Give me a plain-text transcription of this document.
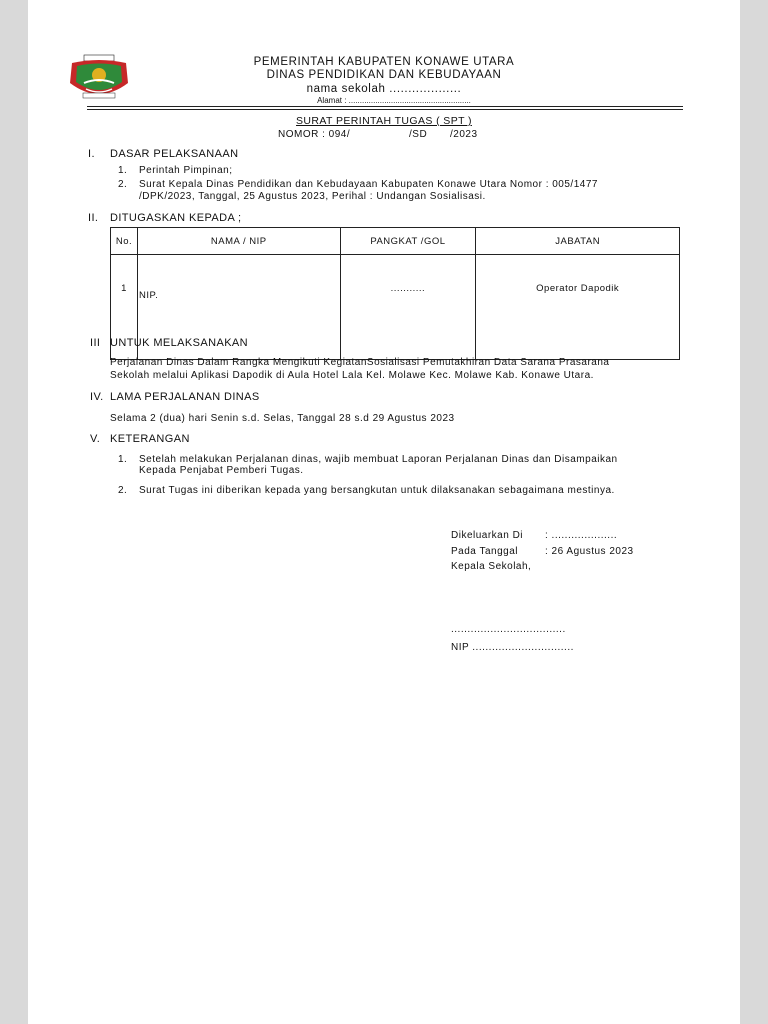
PEMERINTAH KABUPATEN KONAWE UTARA
DINAS PENDIDIKAN DAN KEBUDAYAAN
nama sekolah ...................
Alamat : .......................................................
SURAT PERINTAH TUGAS ( SPT )
NOMOR : 094/	/SD /2023
I. DASAR PELAKSANAAN
1. Perintah Pimpinan;
2. Surat Kepala Dinas Pendidikan dan Kebudayaan Kabupaten Konawe Utara Nomor : 005/1477
/DPK/2023, Tanggal, 25 Agustus 2023, Perihal : Undangan Sosialisasi.
II. DITUGASKAN KEPADA ;
No.	NAMA / NIP	PANGKAT /GOL	JABATAN
1	NIP.	...........	Operator Dapodik
III UNTUK MELAKSANAKAN
Perjalanan Dinas Dalam Rangka Mengikuti KegiatanSosialisasi Pemutakhiran Data Sarana Prasarana
Sekolah melalui Aplikasi Dapodik di Aula Hotel Lala Kel. Molawe Kec. Molawe Kab. Konawe Utara.
IV. LAMA PERJALANAN DINAS
Selama 2 (dua) hari Senin s.d. Selas, Tanggal 28 s.d 29 Agustus 2023
V. KETERANGAN
1. Setelah melakukan Perjalanan dinas, wajib membuat Laporan Perjalanan Dinas dan Disampaikan
Kepada Penjabat Pemberi Tugas.
2. Surat Tugas ini diberikan kepada yang bersangkutan untuk dilaksanakan sebagaimana mestinya.
Dikeluarkan Di : ....................
Pada Tanggal	: 26 Agustus 2023
Kepala Sekolah,
...................................
NIP ...............................
